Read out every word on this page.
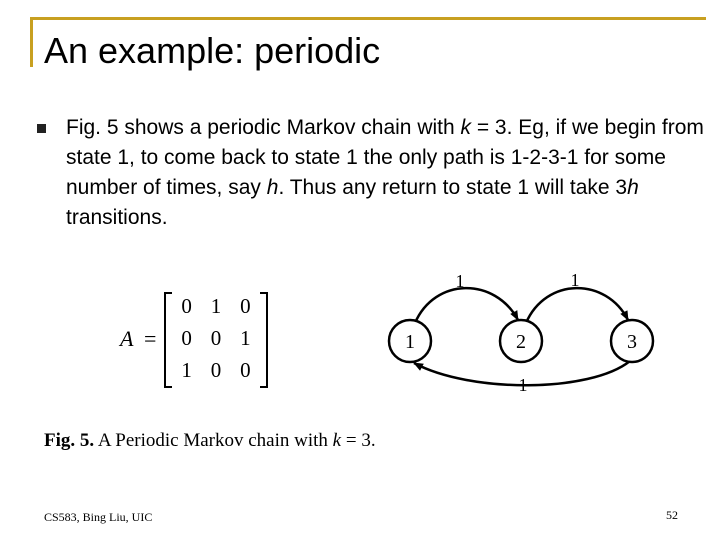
An example: periodic
Fig. 5 shows a periodic Markov chain with k = 3. Eg, if we begin from state 1, to come back to state 1 the only path is 1-2-3-1 for some number of times, say h. Thus any return to state 1 will take 3h transitions.
A =
0 1 0
0 0 1
1 0 0
1	2	3
1	1
1
Fig. 5. A Periodic Markov chain with k = 3.
CS583, Bing Liu, UIC	52
